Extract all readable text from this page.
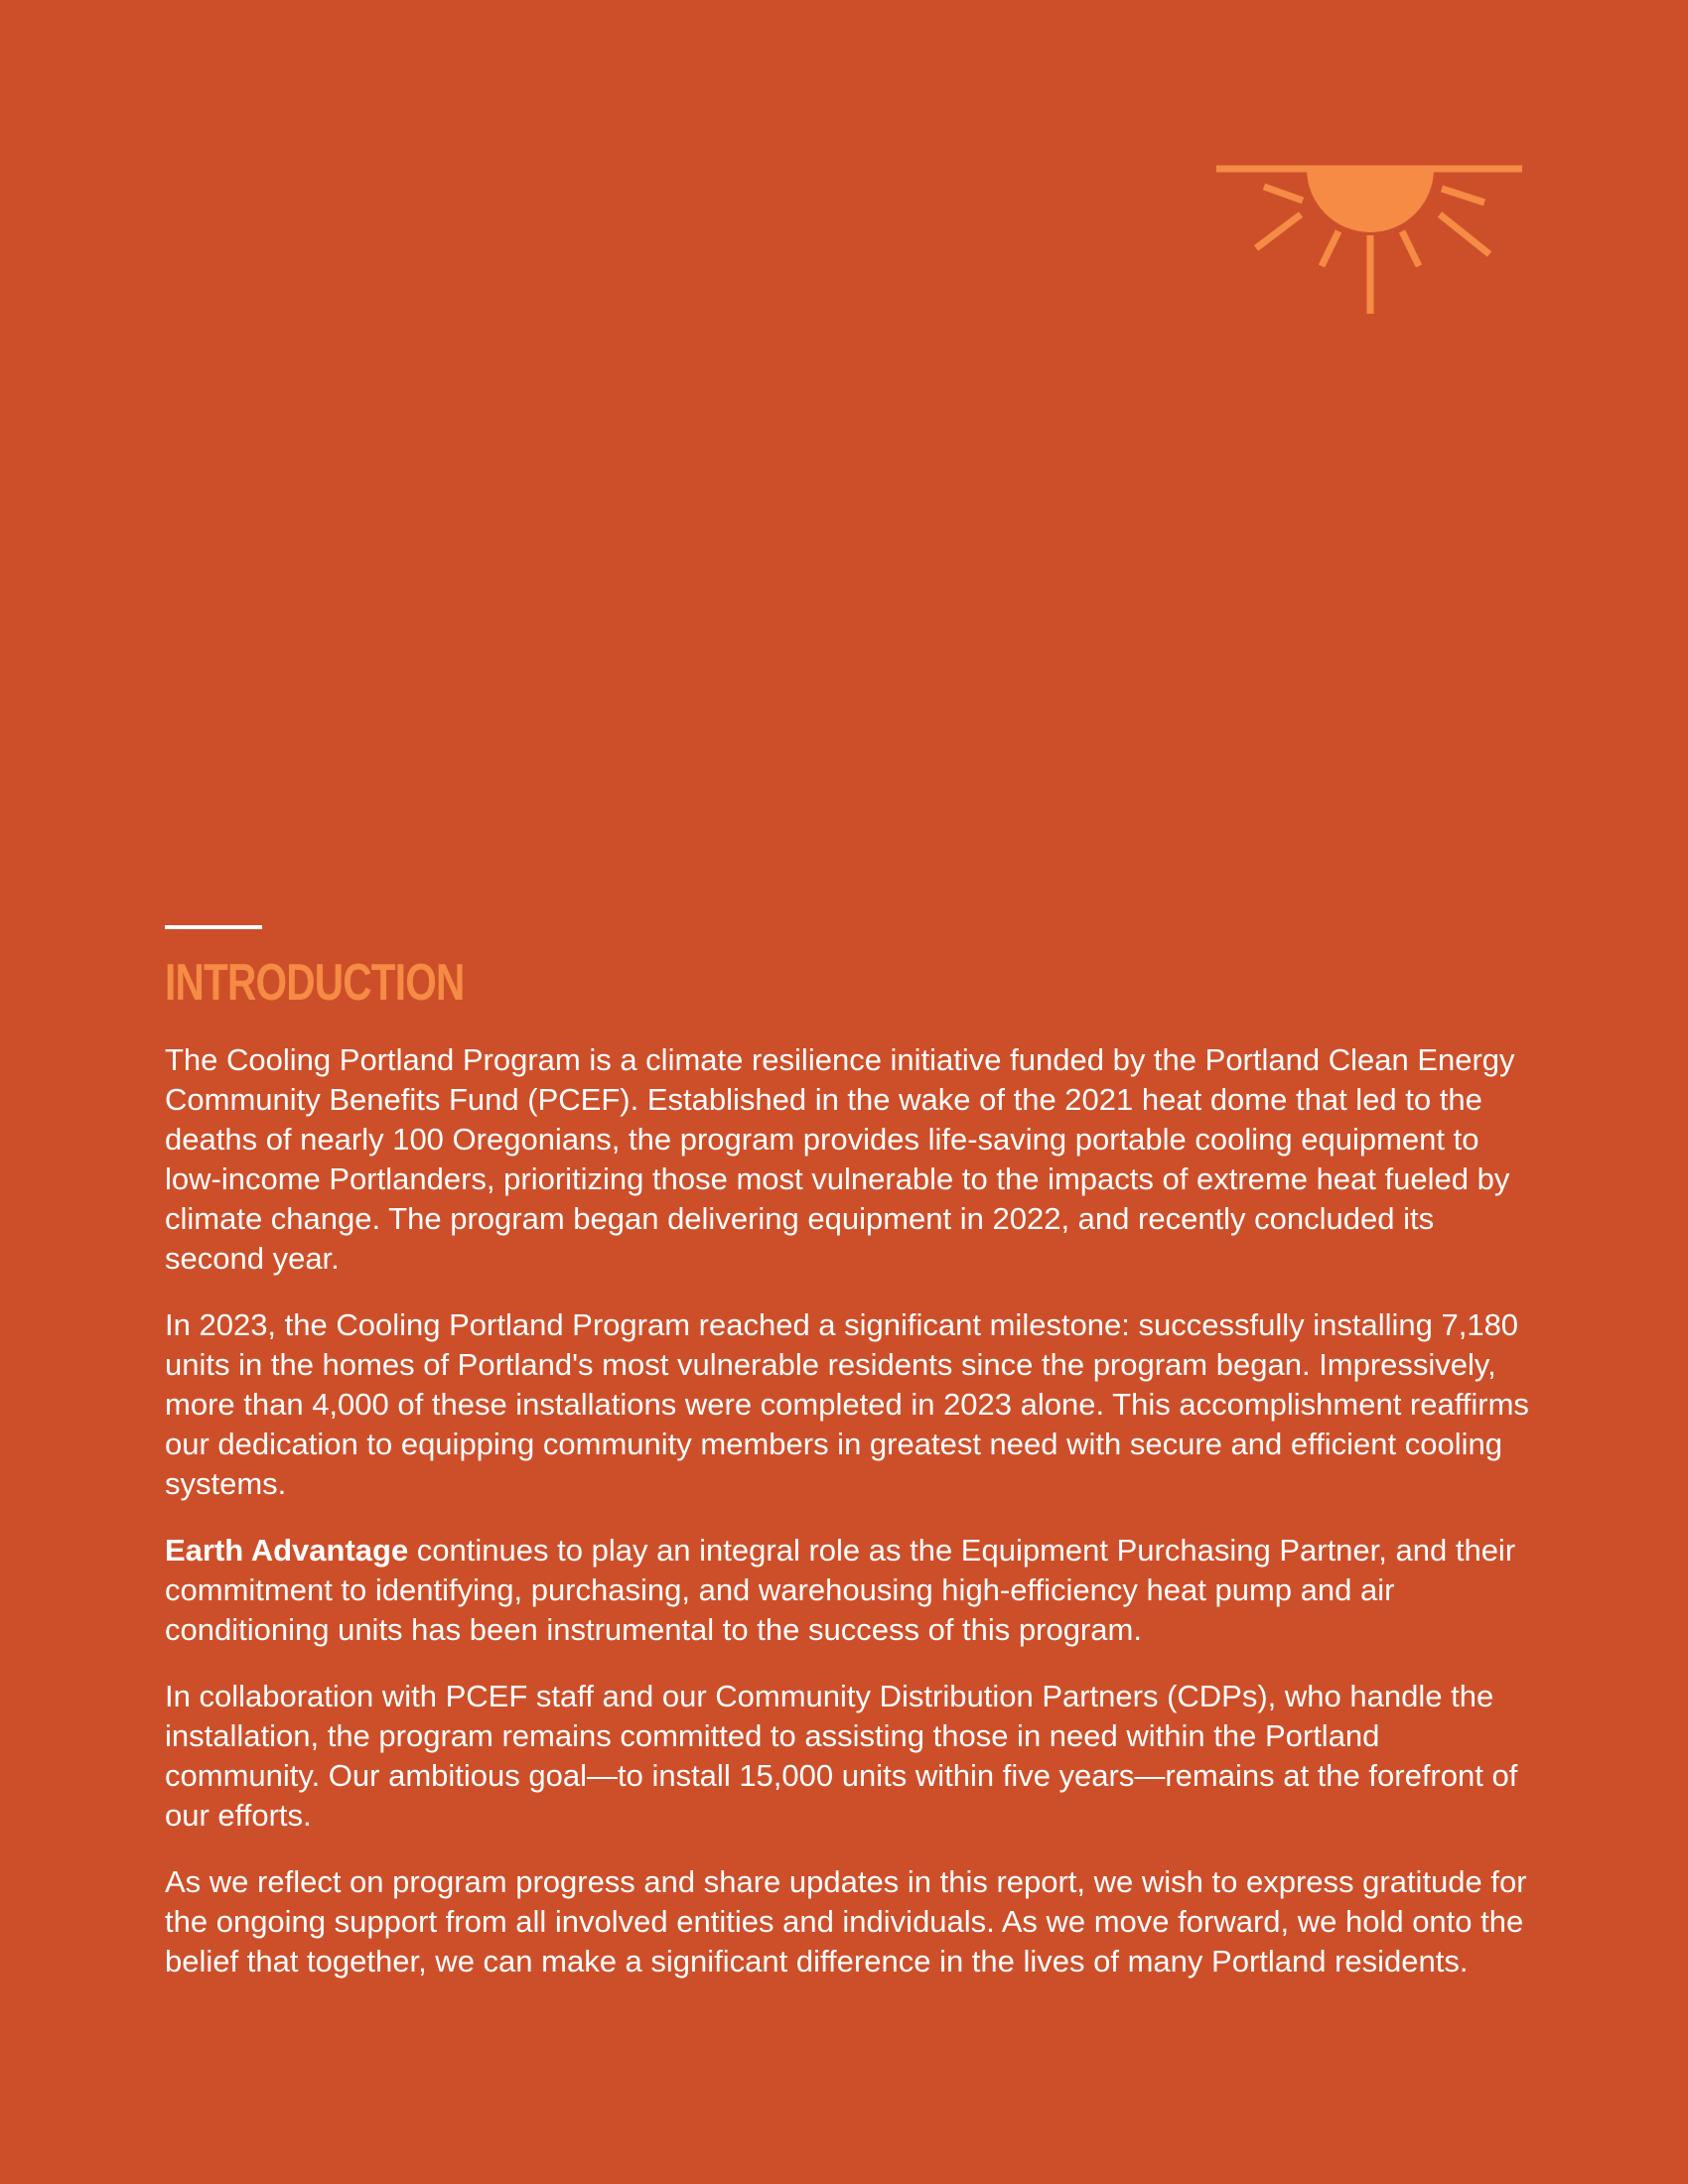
INTRODUCTION

The Cooling Portland Program is a climate resilience initiative funded by the Portland Clean Energy Community Benefits Fund (PCEF). Established in the wake of the 2021 heat dome that led to the deaths of nearly 100 Oregonians, the program provides life-saving portable cooling equipment to low-income Portlanders, prioritizing those most vulnerable to the impacts of extreme heat fueled by climate change. The program began delivering equipment in 2022, and recently concluded its second year.

In 2023, the Cooling Portland Program reached a significant milestone: successfully installing 7,180 units in the homes of Portland's most vulnerable residents since the program began. Impressively, more than 4,000 of these installations were completed in 2023 alone. This accomplishment reaffirms our dedication to equipping community members in greatest need with secure and efficient cooling systems.

Earth Advantage continues to play an integral role as the Equipment Purchasing Partner, and their commitment to identifying, purchasing, and warehousing high-efficiency heat pump and air conditioning units has been instrumental to the success of this program.

In collaboration with PCEF staff and our Community Distribution Partners (CDPs), who handle the installation, the program remains committed to assisting those in need within the Portland community. Our ambitious goal—to install 15,000 units within five years—remains at the forefront of our efforts.

As we reflect on program progress and share updates in this report, we wish to express gratitude for the ongoing support from all involved entities and individuals. As we move forward, we hold onto the belief that together, we can make a significant difference in the lives of many Portland residents.
